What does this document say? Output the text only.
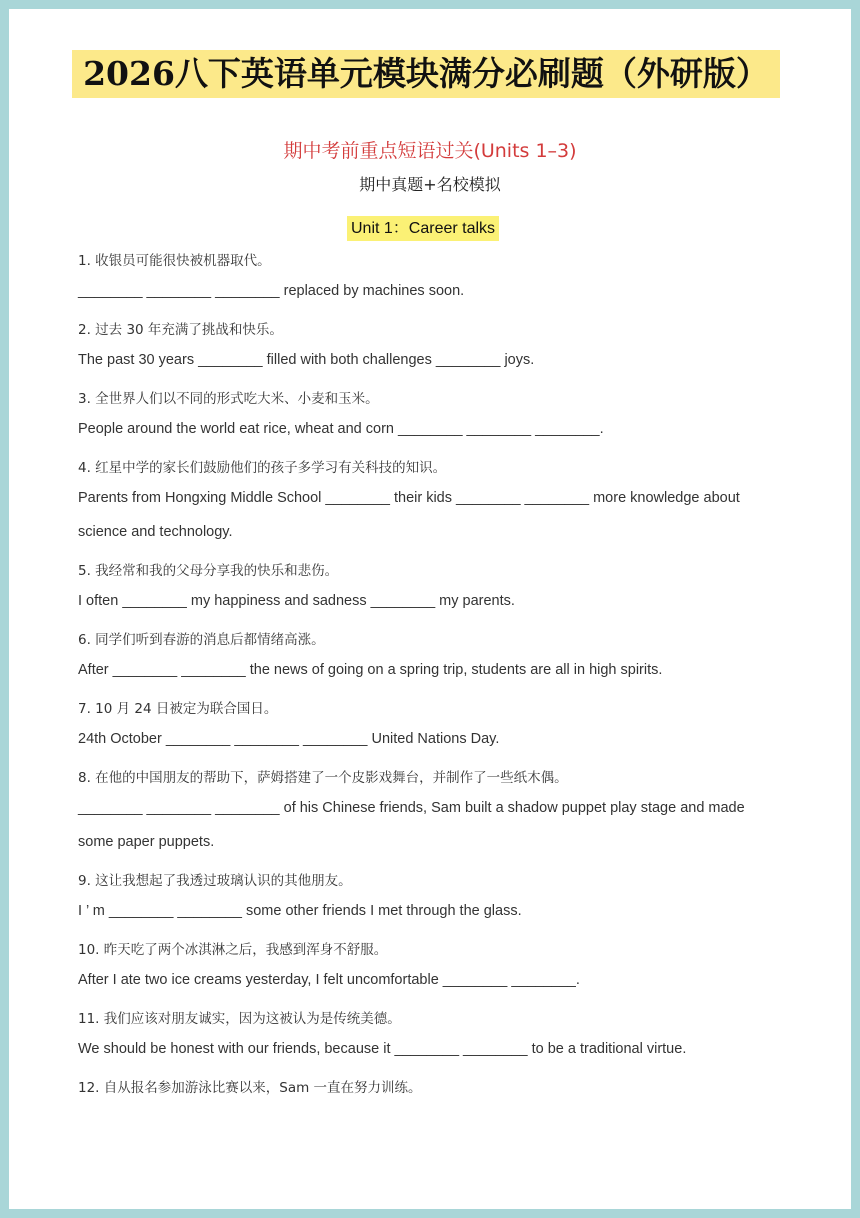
2026八下英语单元模块满分必刷题（外研版）
期中考前重点短语过关(Units 1–3)
期中真题+名校模拟
Unit 1：Career talks
1. 收银员可能很快被机器取代。
________ ________ ________ replaced by machines soon.
2. 过去 30 年充满了挑战和快乐。
The past 30 years ________ filled with both challenges ________ joys.
3. 全世界人们以不同的形式吃大米、小麦和玉米。
People around the world eat rice, wheat and corn ________ ________ ________.
4. 红星中学的家长们鼓励他们的孩子多学习有关科技的知识。
Parents from Hongxing Middle School ________ their kids ________ ________ more knowledge about
science and technology.
5. 我经常和我的父母分享我的快乐和悲伤。
I often ________ my happiness and sadness ________ my parents.
6. 同学们听到春游的消息后都情绪高涨。
After ________ ________ the news of going on a spring trip, students are all in high spirits.
7. 10 月 24 日被定为联合国日。
24th October ________ ________ ________ United Nations Day.
8. 在他的中国朋友的帮助下，萨姆搭建了一个皮影戏舞台，并制作了一些纸木偶。
________ ________ ________ of his Chinese friends, Sam built a shadow puppet play stage and made
some paper puppets.
9. 这让我想起了我透过玻璃认识的其他朋友。
I ’ m ________ ________ some other friends I met through the glass.
10. 昨天吃了两个冰淇淋之后，我感到浑身不舒服。
After I ate two ice creams yesterday, I felt uncomfortable ________ ________.
11. 我们应该对朋友诚实，因为这被认为是传统美德。
We should be honest with our friends, because it ________ ________ to be a traditional virtue.
12. 自从报名参加游泳比赛以来，Sam 一直在努力训练。
